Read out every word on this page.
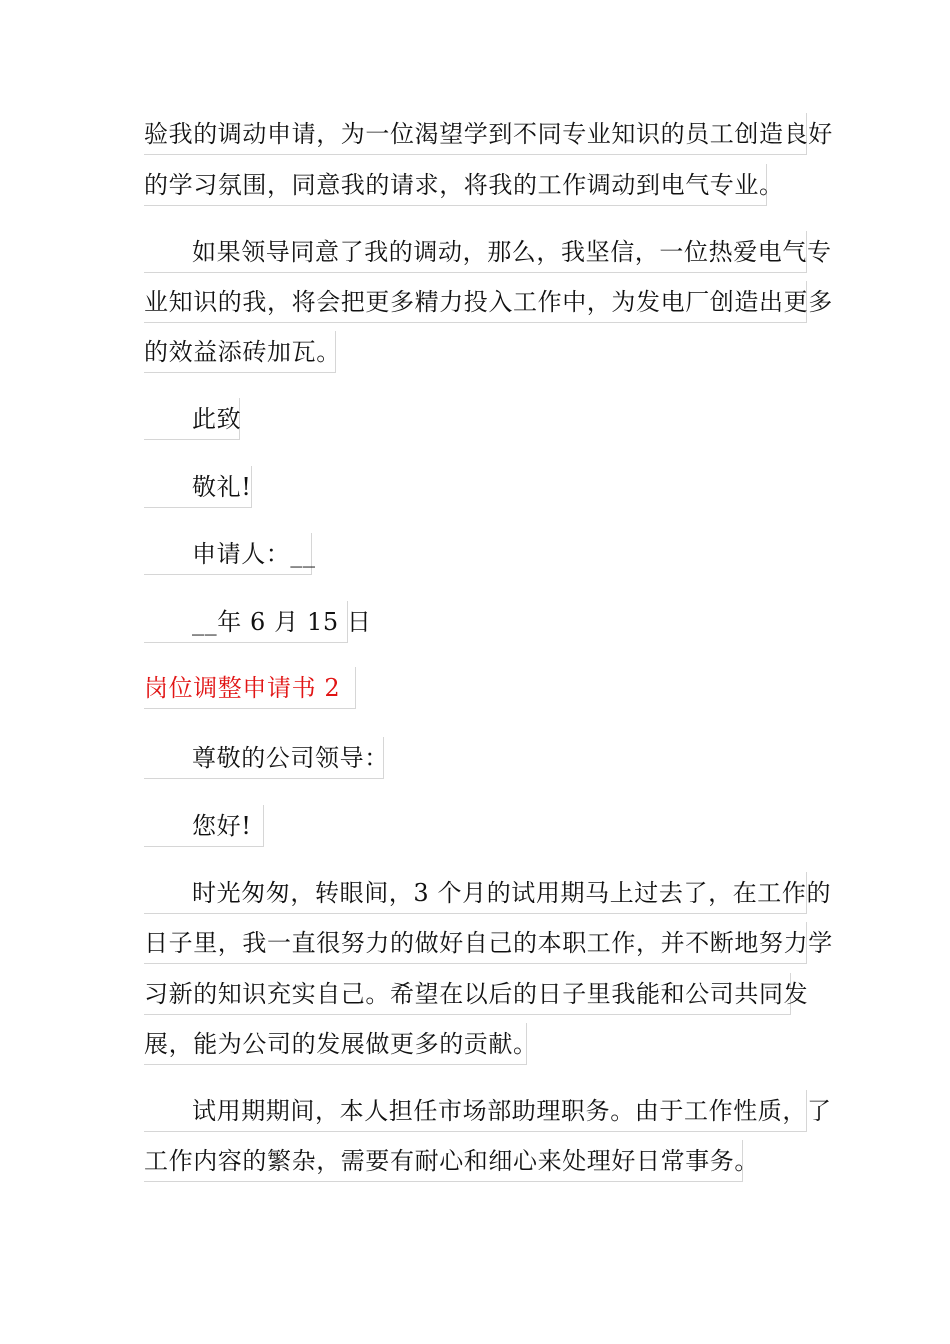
验我的调动申请，为一位渴望学到不同专业知识的员工创造良好
的学习氛围，同意我的请求，将我的工作调动到电气专业。
如果领导同意了我的调动，那么，我坚信，一位热爱电气专
业知识的我，将会把更多精力投入工作中，为发电厂创造出更多
的效益添砖加瓦。
此致
敬礼!
申请人：__
__年 6 月 15 日
岗位调整申请书 2
尊敬的公司领导：
您好!
时光匆匆，转眼间，3 个月的试用期马上过去了，在工作的
日子里，我一直很努力的做好自己的本职工作，并不断地努力学
习新的知识充实自己。希望在以后的日子里我能和公司共同发
展，能为公司的发展做更多的贡献。
试用期期间，本人担任市场部助理职务。由于工作性质，了
工作内容的繁杂，需要有耐心和细心来处理好日常事务。
